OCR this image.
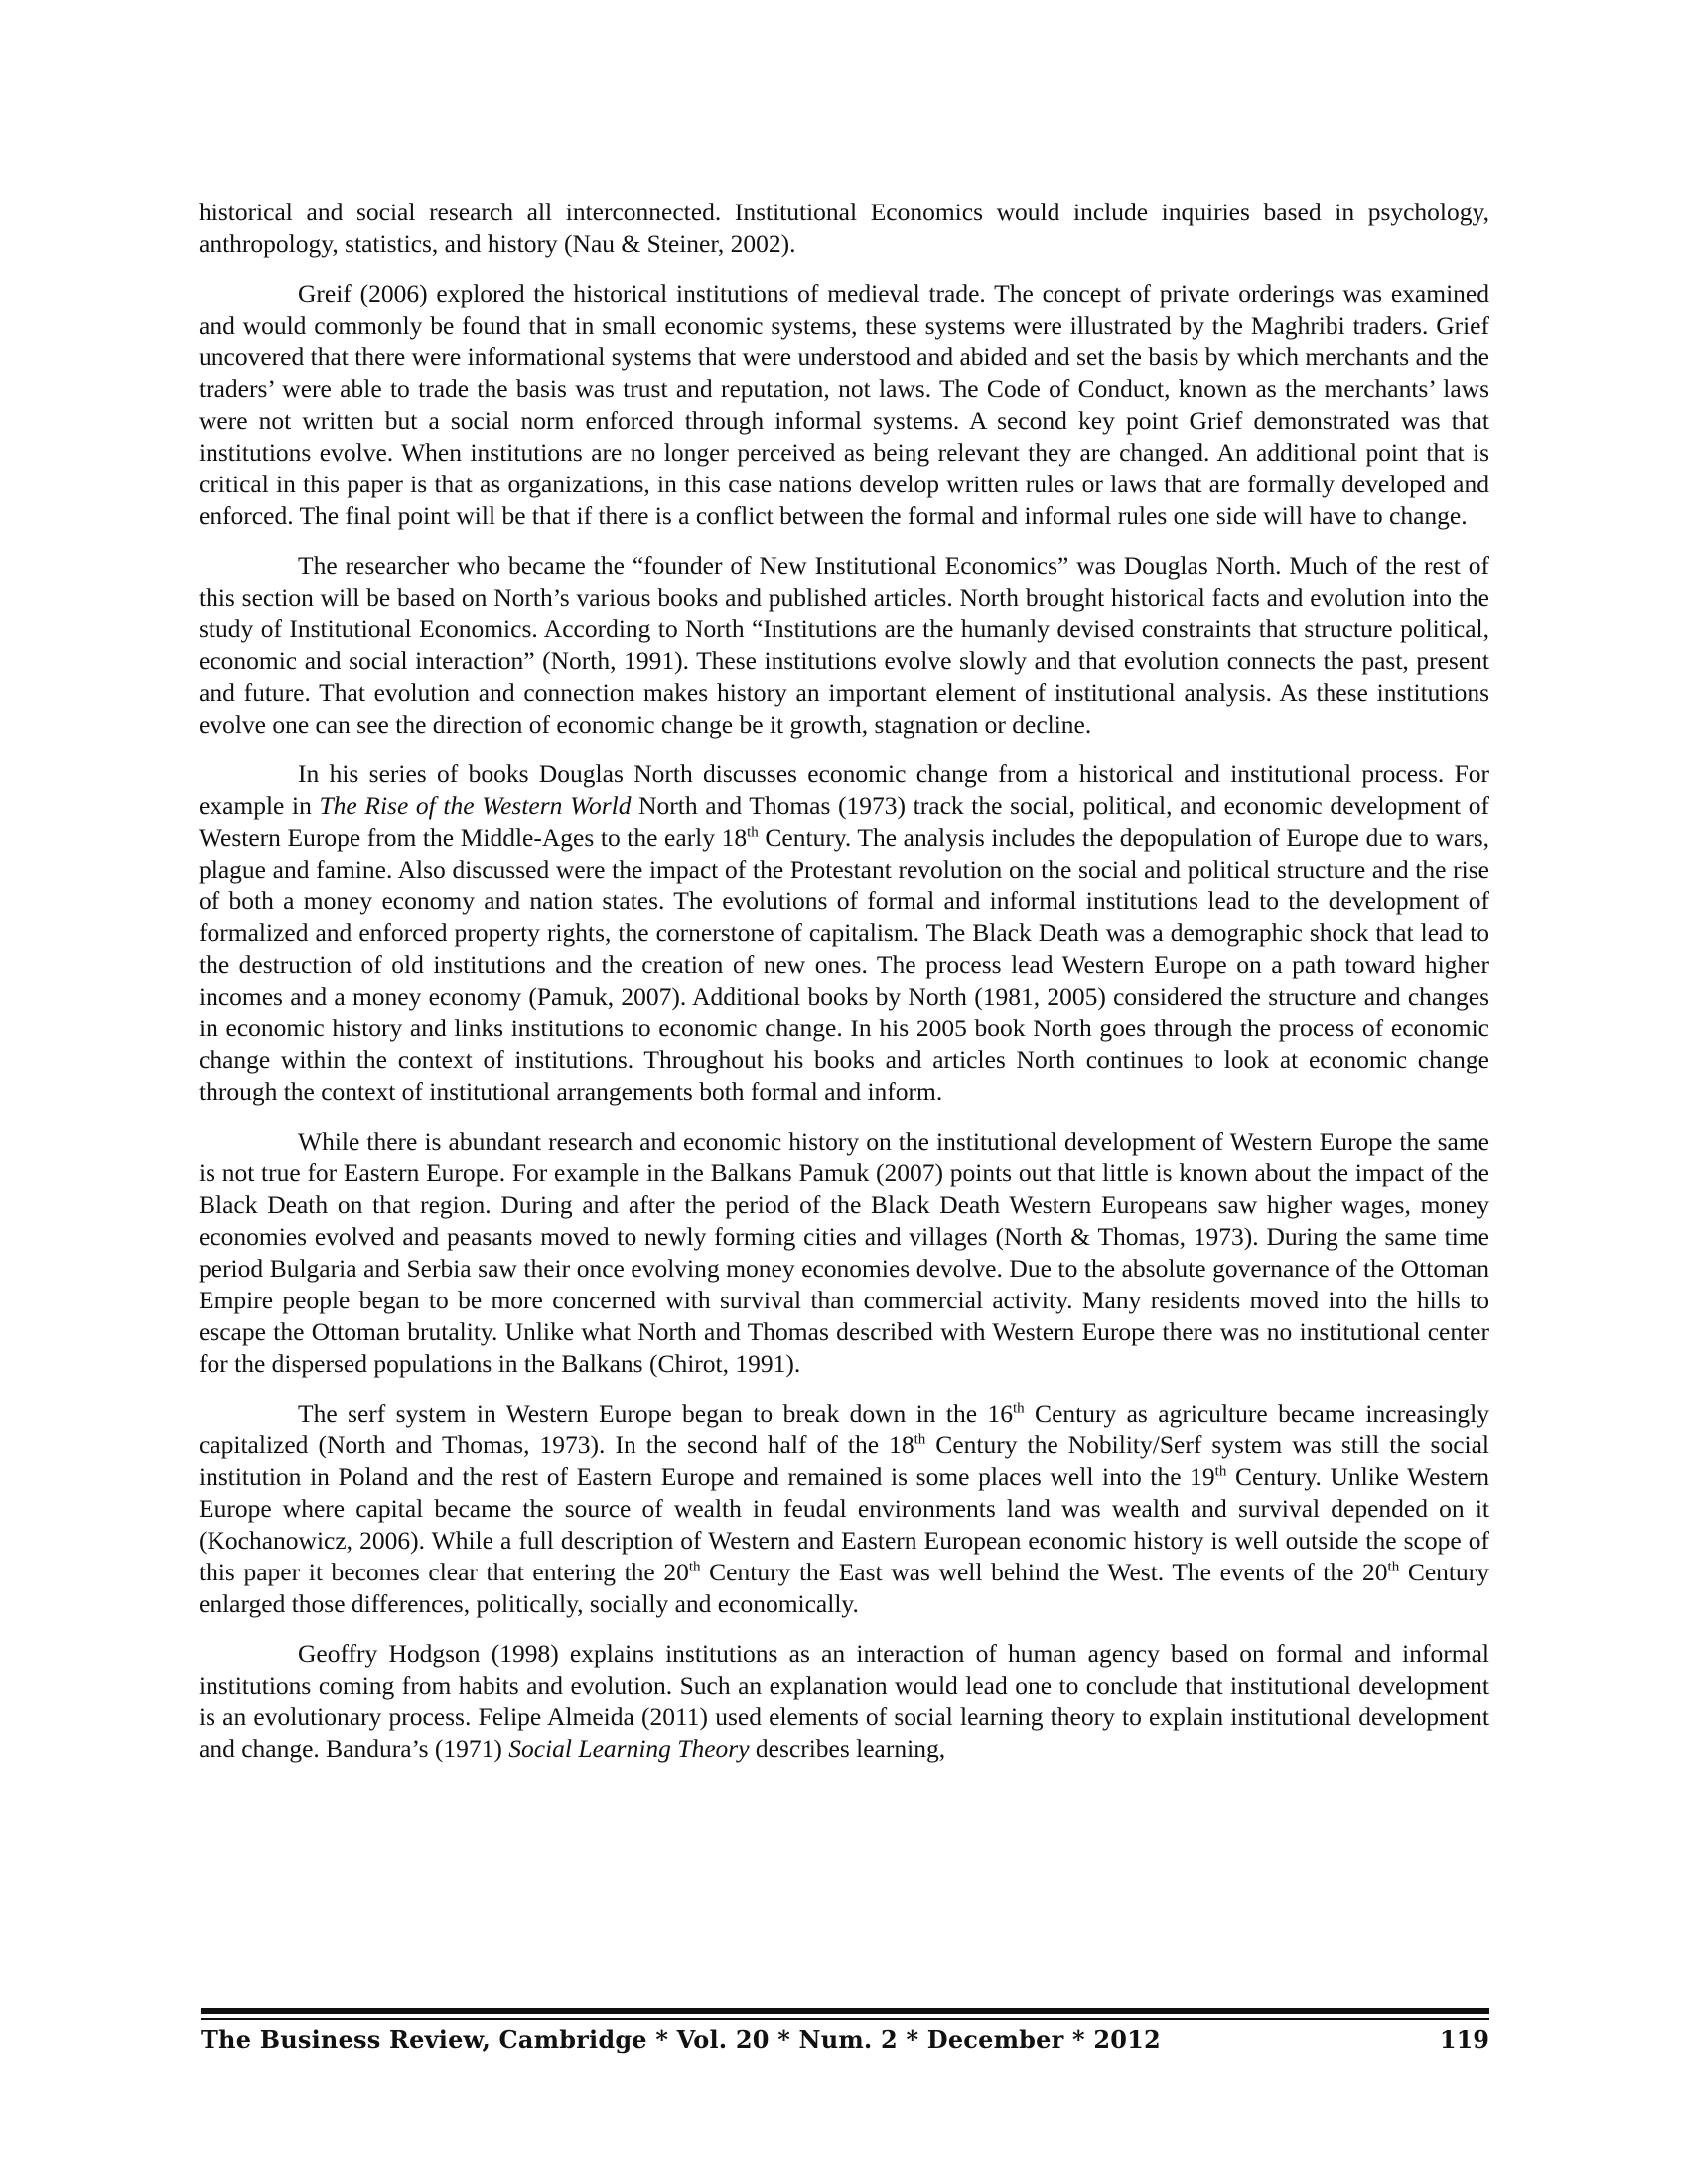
historical and social research all interconnected. Institutional Economics would include inquiries based in psychology, anthropology, statistics, and history (Nau & Steiner, 2002).

Greif (2006) explored the historical institutions of medieval trade. The concept of private orderings was examined and would commonly be found that in small economic systems, these systems were illustrated by the Maghribi traders. Grief uncovered that there were informational systems that were understood and abided and set the basis by which merchants and the traders’ were able to trade the basis was trust and reputation, not laws. The Code of Conduct, known as the merchants’ laws were not written but a social norm enforced through informal systems. A second key point Grief demonstrated was that institutions evolve. When institutions are no longer perceived as being relevant they are changed. An additional point that is critical in this paper is that as organizations, in this case nations develop written rules or laws that are formally developed and enforced. The final point will be that if there is a conflict between the formal and informal rules one side will have to change.

The researcher who became the “founder of New Institutional Economics” was Douglas North. Much of the rest of this section will be based on North’s various books and published articles. North brought historical facts and evolution into the study of Institutional Economics. According to North “Institutions are the humanly devised constraints that structure political, economic and social interaction” (North, 1991). These institutions evolve slowly and that evolution connects the past, present and future. That evolution and connection makes history an important element of institutional analysis. As these institutions evolve one can see the direction of economic change be it growth, stagnation or decline.

In his series of books Douglas North discusses economic change from a historical and institutional process. For example in The Rise of the Western World North and Thomas (1973) track the social, political, and economic development of Western Europe from the Middle-Ages to the early 18th Century. The analysis includes the depopulation of Europe due to wars, plague and famine. Also discussed were the impact of the Protestant revolution on the social and political structure and the rise of both a money economy and nation states. The evolutions of formal and informal institutions lead to the development of formalized and enforced property rights, the cornerstone of capitalism. The Black Death was a demographic shock that lead to the destruction of old institutions and the creation of new ones. The process lead Western Europe on a path toward higher incomes and a money economy (Pamuk, 2007). Additional books by North (1981, 2005) considered the structure and changes in economic history and links institutions to economic change. In his 2005 book North goes through the process of economic change within the context of institutions. Throughout his books and articles North continues to look at economic change through the context of institutional arrangements both formal and inform.

While there is abundant research and economic history on the institutional development of Western Europe the same is not true for Eastern Europe. For example in the Balkans Pamuk (2007) points out that little is known about the impact of the Black Death on that region. During and after the period of the Black Death Western Europeans saw higher wages, money economies evolved and peasants moved to newly forming cities and villages (North & Thomas, 1973). During the same time period Bulgaria and Serbia saw their once evolving money economies devolve. Due to the absolute governance of the Ottoman Empire people began to be more concerned with survival than commercial activity. Many residents moved into the hills to escape the Ottoman brutality. Unlike what North and Thomas described with Western Europe there was no institutional center for the dispersed populations in the Balkans (Chirot, 1991).

The serf system in Western Europe began to break down in the 16th Century as agriculture became increasingly capitalized (North and Thomas, 1973). In the second half of the 18th Century the Nobility/Serf system was still the social institution in Poland and the rest of Eastern Europe and remained is some places well into the 19th Century. Unlike Western Europe where capital became the source of wealth in feudal environments land was wealth and survival depended on it (Kochanowicz, 2006). While a full description of Western and Eastern European economic history is well outside the scope of this paper it becomes clear that entering the 20th Century the East was well behind the West. The events of the 20th Century enlarged those differences, politically, socially and economically.

Geoffry Hodgson (1998) explains institutions as an interaction of human agency based on formal and informal institutions coming from habits and evolution. Such an explanation would lead one to conclude that institutional development is an evolutionary process. Felipe Almeida (2011) used elements of social learning theory to explain institutional development and change. Bandura’s (1971) Social Learning Theory describes learning,

The Business Review, Cambridge * Vol. 20 * Num. 2 * December * 2012	119
